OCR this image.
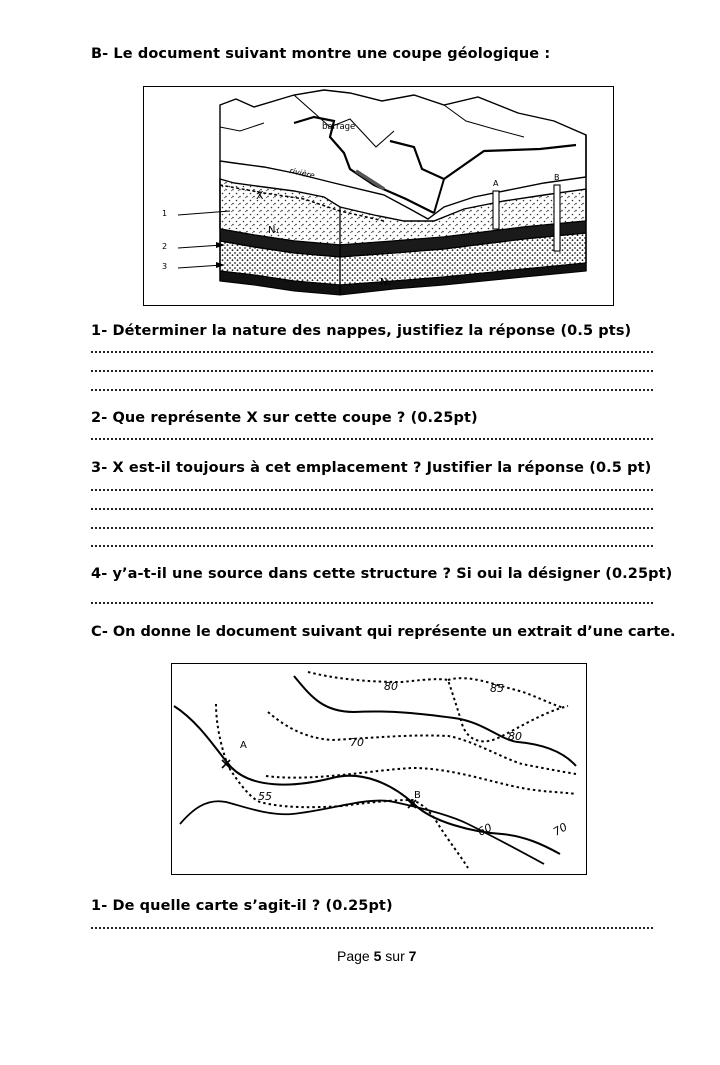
B- Le document suivant montre une coupe géologique :
barrage
rivière
X
N₁
argile
N₂
A
B
1
2
3
1- Déterminer la nature des nappes, justifiez la réponse (0.5 pts)
2- Que représente X sur cette coupe ? (0.25pt)
3- X est-il toujours à cet emplacement ? Justifier la réponse (0.5 pt)
4- y’a-t-il une source dans cette structure ? Si oui la désigner (0.25pt)
C- On donne le document suivant qui représente un extrait d’une carte.
80	85
80
70
A
55	B
60	70
1- De quelle carte s’agit-il ? (0.25pt)
Page 5 sur 7
